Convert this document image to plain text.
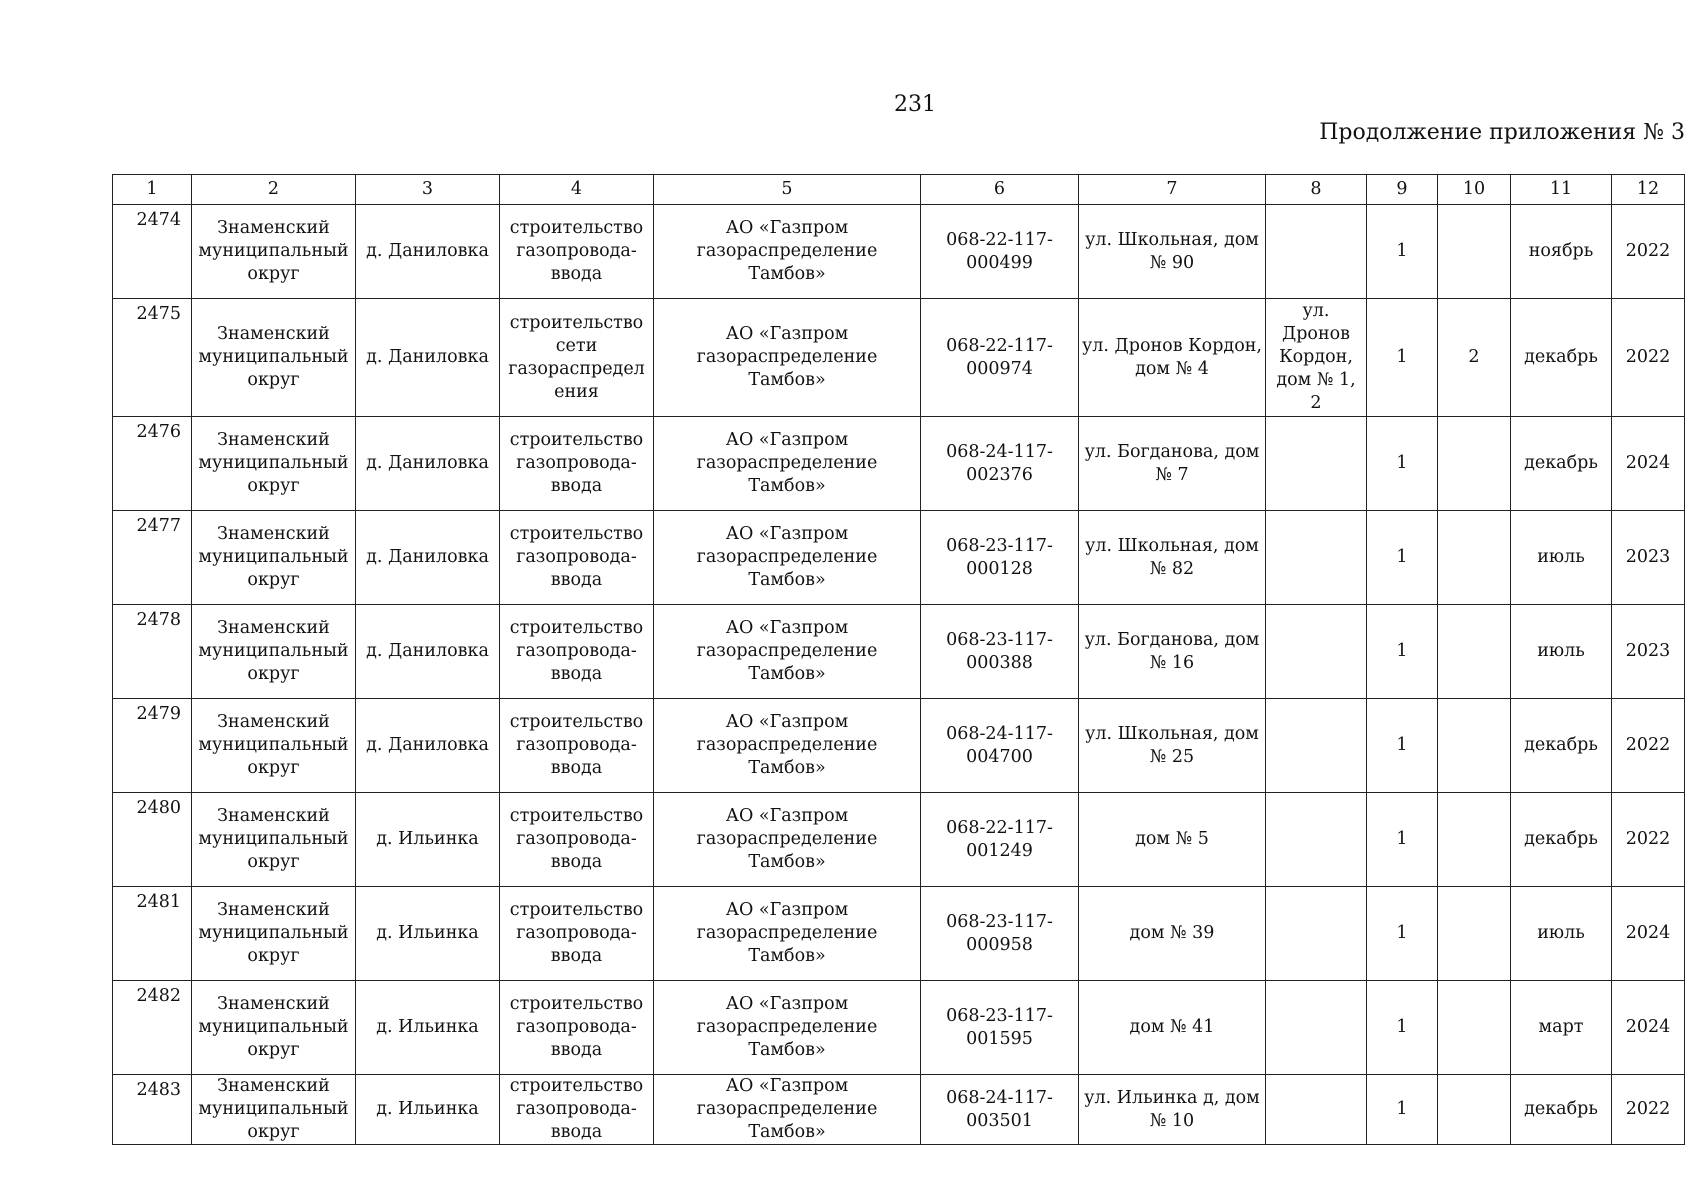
231
Продолжение приложения № 3
1	2	3	4	5	6	7	8	9	10	11	12
2474	Знаменский муниципальный округ	д. Даниловка	строительство газопровода-ввода	АО «Газпром газораспределение Тамбов»	068-22-117-000499	ул. Школьная, дом № 90		1		ноябрь	2022
2475	Знаменский муниципальный округ	д. Даниловка	строительство сети газораспредел ения	АО «Газпром газораспределение Тамбов»	068-22-117-000974	ул. Дронов Кордон, дом № 4	ул. Дронов Кордон, дом № 1, 2	1	2	декабрь	2022
2476	Знаменский муниципальный округ	д. Даниловка	строительство газопровода-ввода	АО «Газпром газораспределение Тамбов»	068-24-117-002376	ул. Богданова, дом № 7		1		декабрь	2024
2477	Знаменский муниципальный округ	д. Даниловка	строительство газопровода-ввода	АО «Газпром газораспределение Тамбов»	068-23-117-000128	ул. Школьная, дом № 82		1		июль	2023
2478	Знаменский муниципальный округ	д. Даниловка	строительство газопровода-ввода	АО «Газпром газораспределение Тамбов»	068-23-117-000388	ул. Богданова, дом № 16		1		июль	2023
2479	Знаменский муниципальный округ	д. Даниловка	строительство газопровода-ввода	АО «Газпром газораспределение Тамбов»	068-24-117-004700	ул. Школьная, дом № 25		1		декабрь	2022
2480	Знаменский муниципальный округ	д. Ильинка	строительство газопровода-ввода	АО «Газпром газораспределение Тамбов»	068-22-117-001249	дом № 5		1		декабрь	2022
2481	Знаменский муниципальный округ	д. Ильинка	строительство газопровода-ввода	АО «Газпром газораспределение Тамбов»	068-23-117-000958	дом № 39		1		июль	2024
2482	Знаменский муниципальный округ	д. Ильинка	строительство газопровода-ввода	АО «Газпром газораспределение Тамбов»	068-23-117-001595	дом № 41		1		март	2024
2483	Знаменский муниципальный округ	д. Ильинка	строительство газопровода-ввода	АО «Газпром газораспределение Тамбов»	068-24-117-003501	ул. Ильинка д, дом № 10		1		декабрь	2022
